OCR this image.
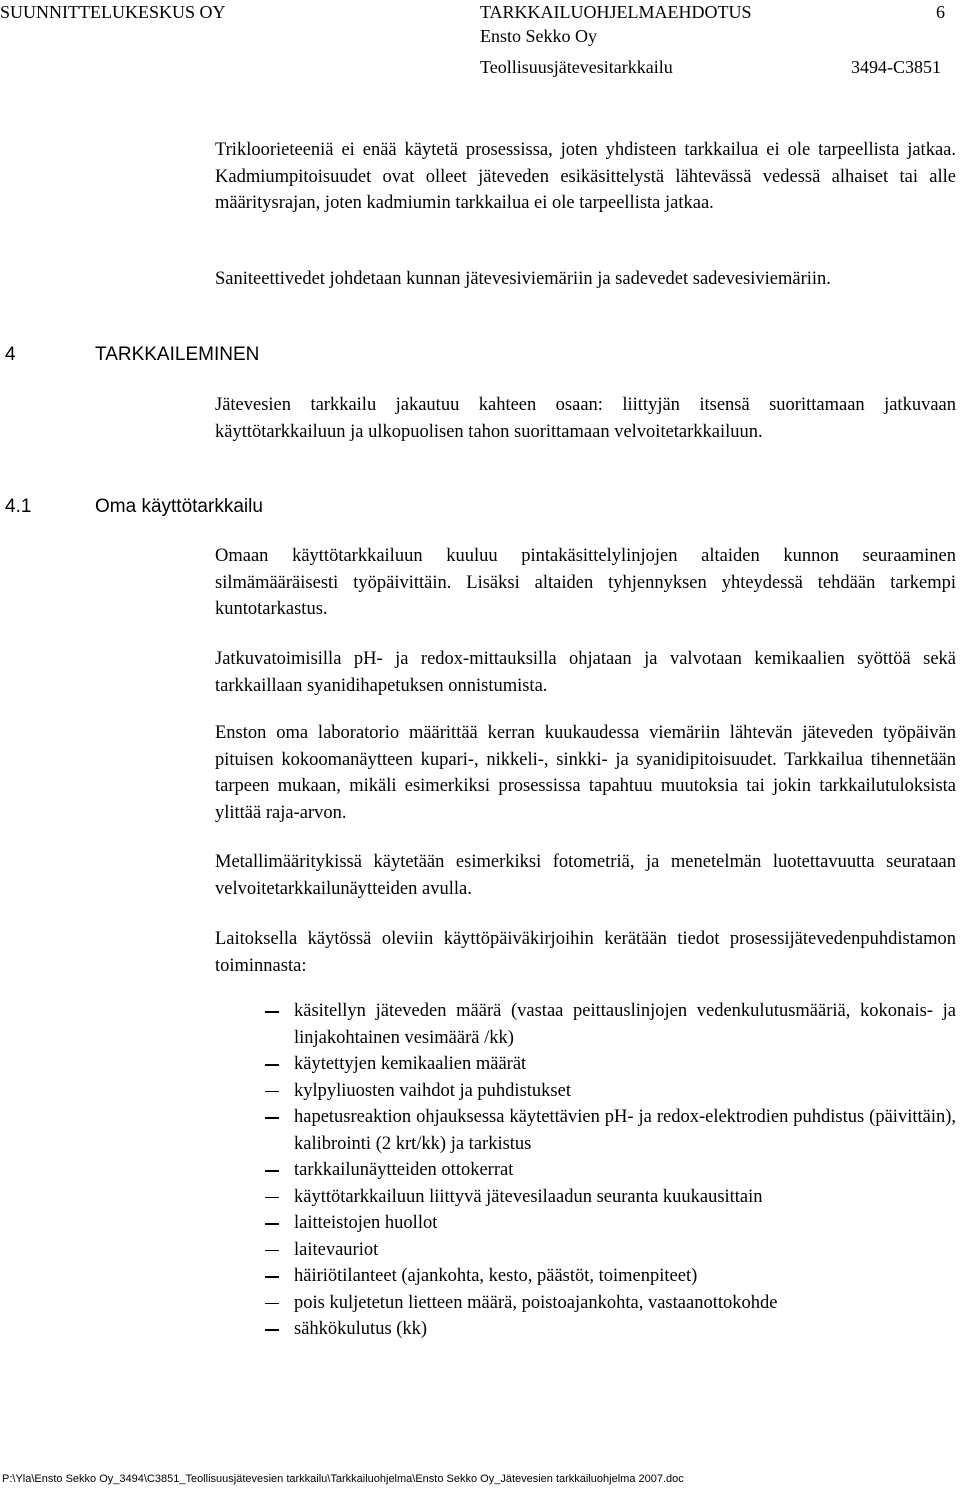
SUUNNITTELUKESKUS OY	TARKKAILUOHJELMAEHDOTUS	6
Ensto Sekko Oy
Teollisuusjätevesitarkkailu	3494-C3851

Trikloorieteeniä ei enää käytetä prosessissa, joten yhdisteen tarkkailua ei ole tarpeellista jatkaa. Kadmiumpitoisuudet ovat olleet jäteveden esikäsittelystä lähtevässä vedessä alhaiset tai alle määritysrajan, joten kadmiumin tarkkailua ei ole tarpeellista jatkaa.

Saniteettivedet johdetaan kunnan jätevesiviemäriin ja sadevedet sadevesiviemäriin.

4	TARKKAILEMINEN

Jätevesien tarkkailu jakautuu kahteen osaan: liittyjän itsensä suorittamaan jatkuvaan käyttötarkkailuun ja ulkopuolisen tahon suorittamaan velvoitetarkkailuun.

4.1	Oma käyttötarkkailu

Omaan käyttötarkkailuun kuuluu pintakäsittelylinjojen altaiden kunnon seuraaminen silmämääräisesti työpäivittäin. Lisäksi altaiden tyhjennyksen yhteydessä tehdään tarkempi kuntotarkastus.

Jatkuvatoimisilla pH- ja redox-mittauksilla ohjataan ja valvotaan kemikaalien syöttöä sekä tarkkaillaan syanidihapetuksen onnistumista.

Enston oma laboratorio määrittää kerran kuukaudessa viemäriin lähtevän jäteveden työpäivän pituisen kokoomanäytteen kupari-, nikkeli-, sinkki- ja syanidipitoisuudet. Tarkkailua tihennetään tarpeen mukaan, mikäli esimerkiksi prosessissa tapahtuu muutoksia tai jokin tarkkailutuloksista ylittää raja-arvon.

Metallimääritykissä käytetään esimerkiksi fotometriä, ja menetelmän luotettavuutta seurataan velvoitetarkkailunäytteiden avulla.

Laitoksella käytössä oleviin käyttöpäiväkirjoihin kerätään tiedot prosessijätevedenpuhdistamon toiminnasta:

käsitellyn jäteveden määrä (vastaa peittauslinjojen vedenkulutusmääriä, kokonais- ja linjakohtainen vesimäärä /kk)
käytettyjen kemikaalien määrät
kylpyliuosten vaihdot ja puhdistukset
hapetusreaktion ohjauksessa käytettävien pH- ja redox-elektrodien puhdistus (päivittäin), kalibrointi (2 krt/kk) ja tarkistus
tarkkailunäytteiden ottokerrat
käyttötarkkailuun liittyvä jätevesilaadun seuranta kuukausittain
laitteistojen huollot
laitevauriot
häiriötilanteet (ajankohta, kesto, päästöt, toimenpiteet)
pois kuljetetun lietteen määrä, poistoajankohta, vastaanottokohde
sähkökulutus (kk)
P:\Yla\Ensto Sekko Oy_3494\C3851_Teollisuusjätevesien tarkkailu\Tarkkailuohjelma\Ensto Sekko Oy_Jätevesien tarkkailuohjelma 2007.doc
